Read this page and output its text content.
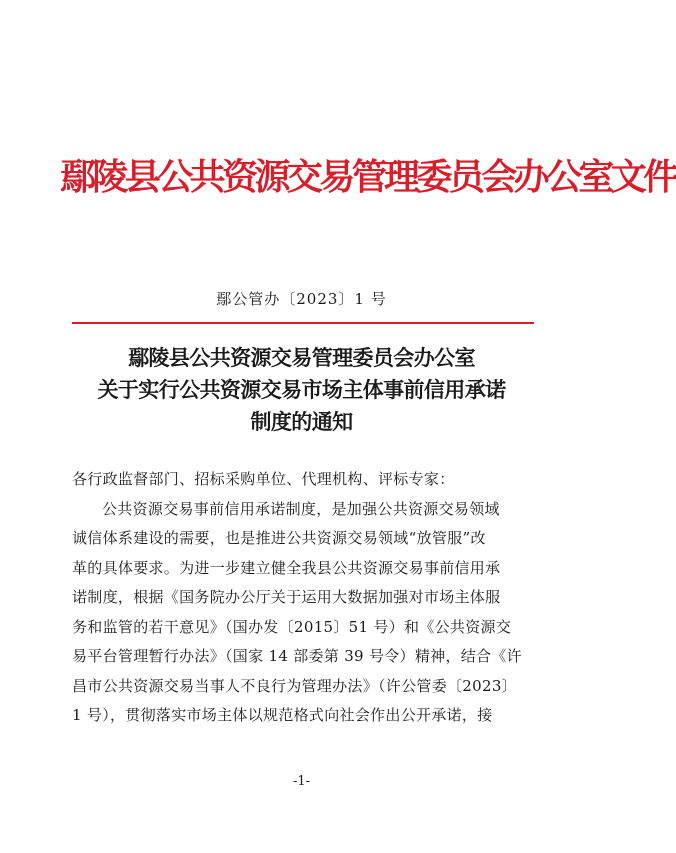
鄢陵县公共资源交易管理委员会办公室文件
鄢公管办〔2023〕1 号
鄢陵县公共资源交易管理委员会办公室
关于实行公共资源交易市场主体事前信用承诺
制度的通知
各行政监督部门、招标采购单位、代理机构、评标专家：
公共资源交易事前信用承诺制度，是加强公共资源交易领域
诚信体系建设的需要，也是推进公共资源交易领域“放管服”改
革的具体要求。为进一步建立健全我县公共资源交易事前信用承
诺制度，根据《国务院办公厅关于运用大数据加强对市场主体服
务和监管的若干意见》（国办发〔2015〕51 号）和《公共资源交
易平台管理暂行办法》（国家 14 部委第 39 号令）精神，结合《许
昌市公共资源交易当事人不良行为管理办法》（许公管委〔2023〕
1 号），贯彻落实市场主体以规范格式向社会作出公开承诺，接
-1-
